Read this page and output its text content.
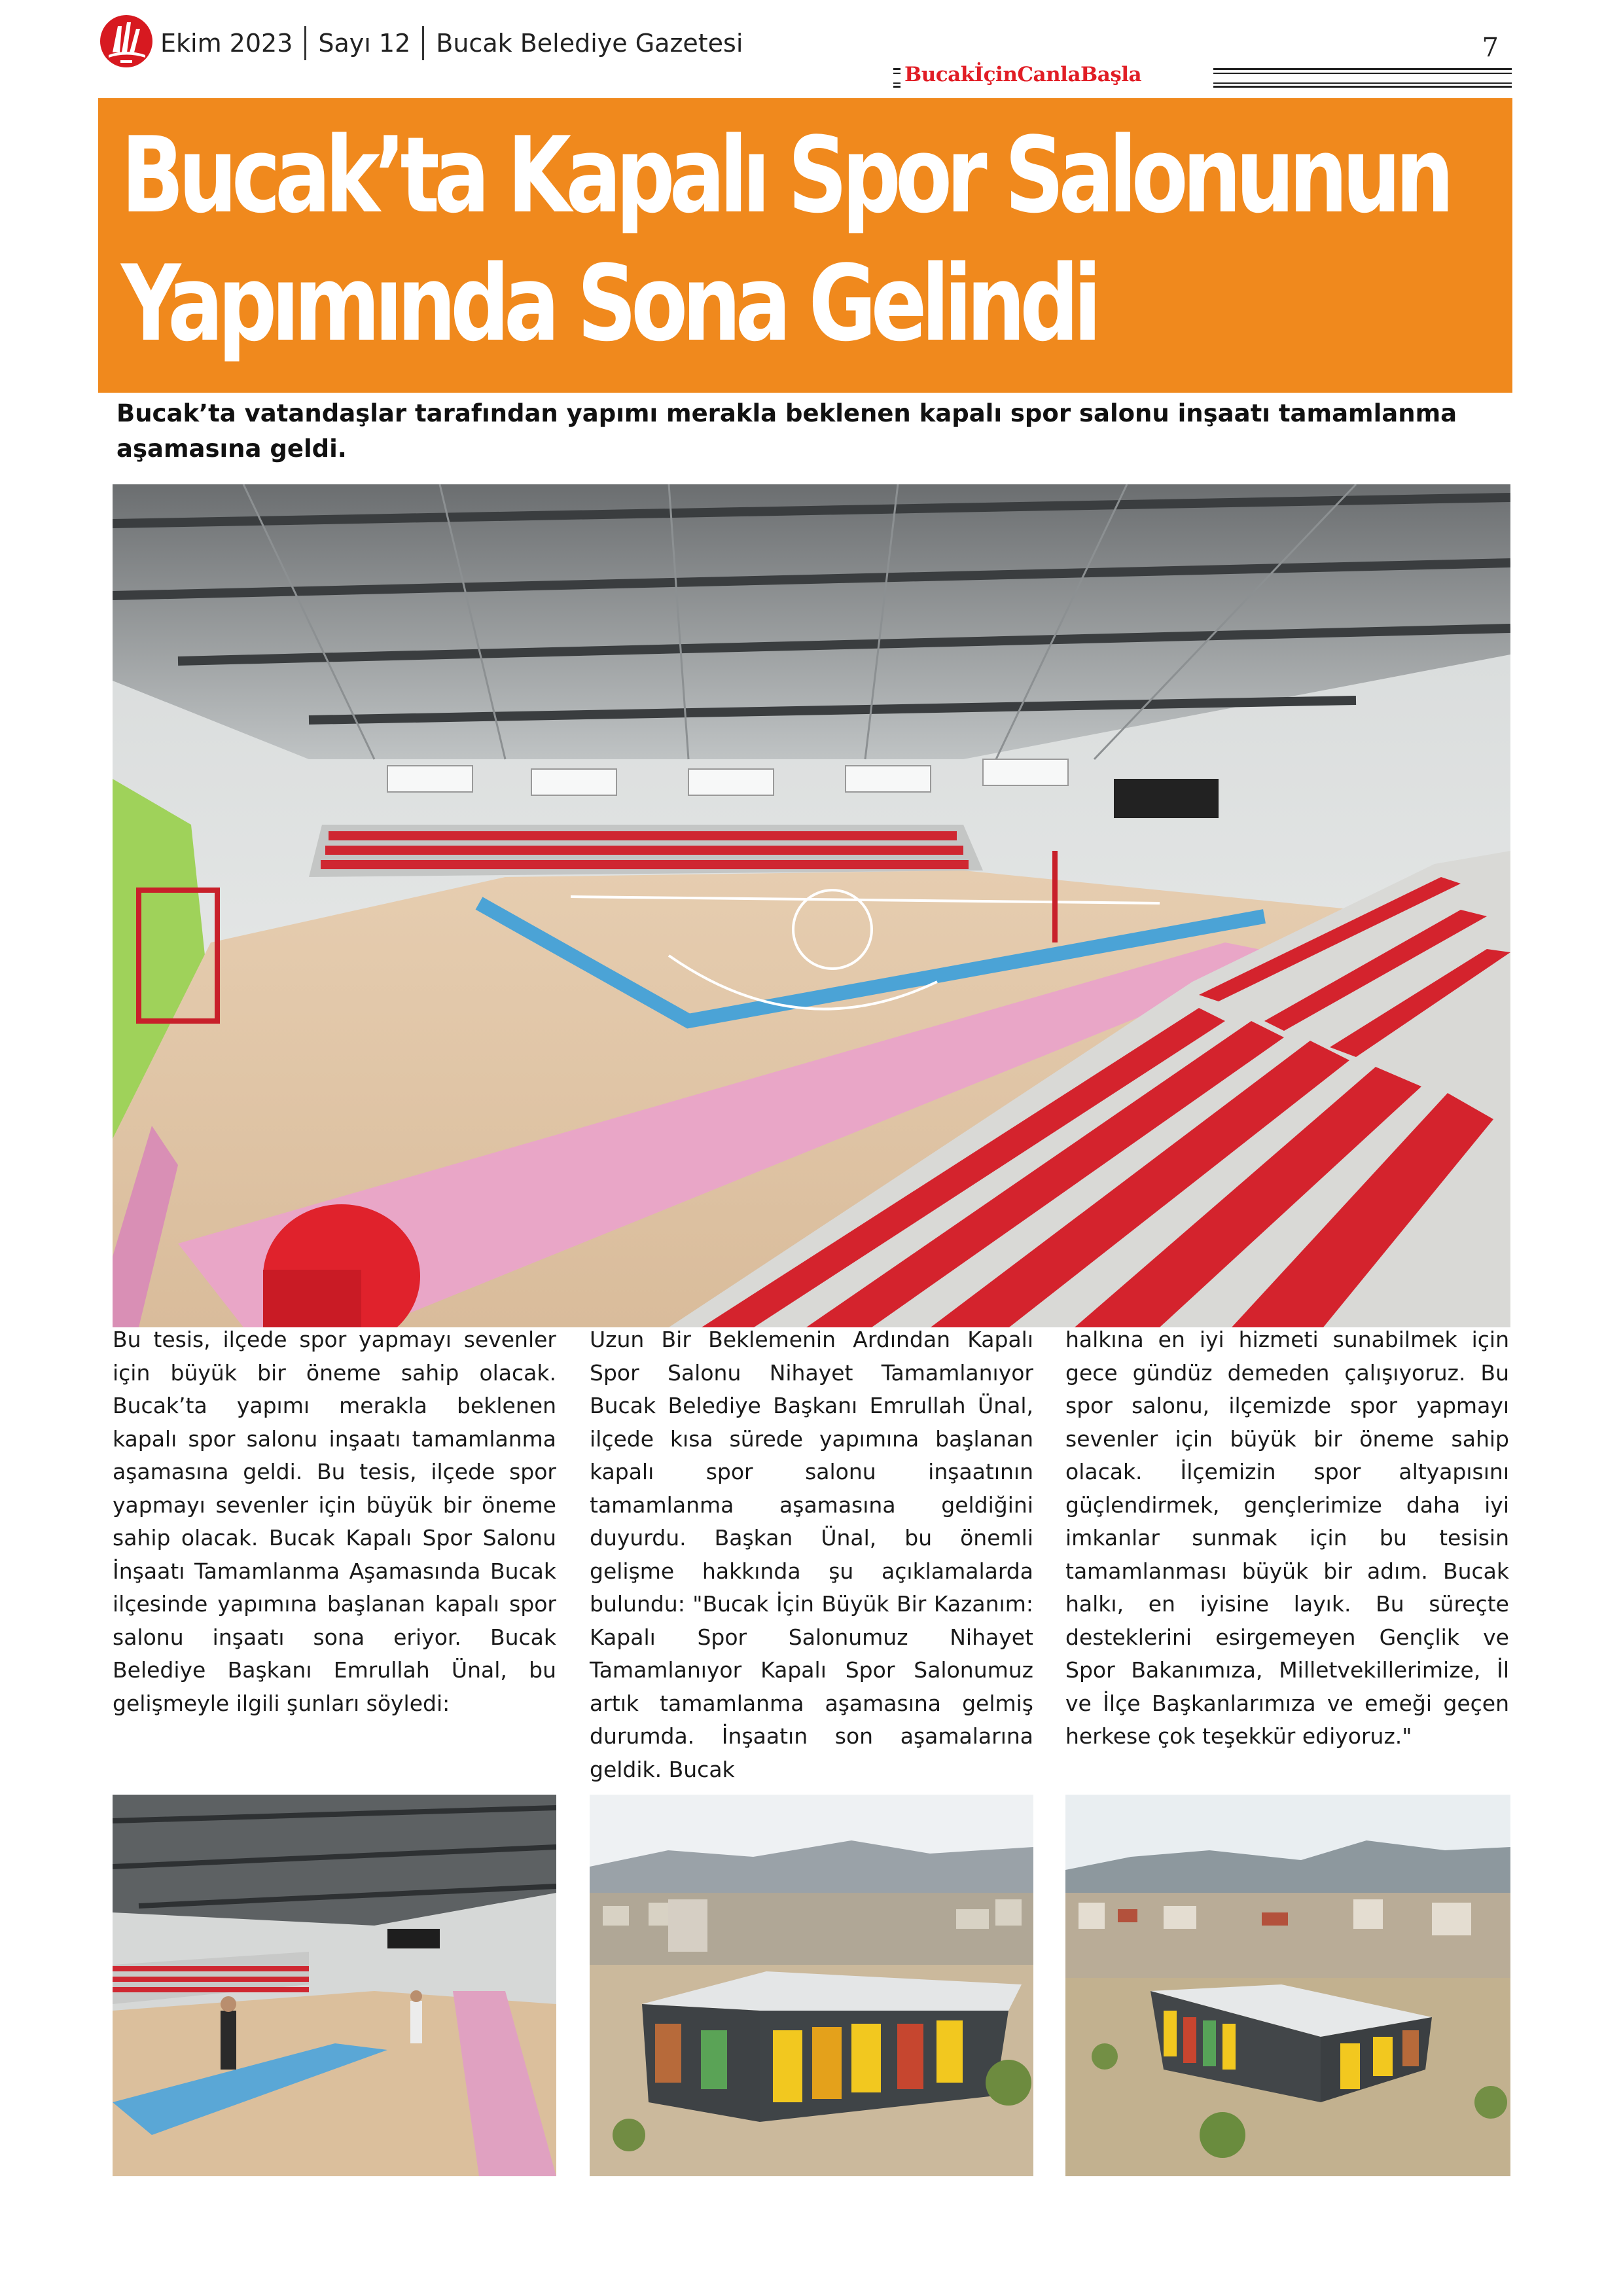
Ekim 2023 Sayı 12 Bucak Belediye Gazetesi	7
BucakİçinCanlaBaşla
Bucak’ta Kapalı Spor Salonunun
Yapımında Sona Gelindi

Bucak’ta vatandaşlar tarafından yapımı merakla beklenen kapalı spor salonu inşaatı tamamlanma aşamasına geldi.

Bu tesis, ilçede spor yapmayı sevenler için büyük bir öneme sahip olacak. Bucak’ta yapımı merakla beklenen kapalı spor salonu inşaatı tamamlanma aşamasına geldi. Bu tesis, ilçede spor yapmayı sevenler için büyük bir öneme sahip olacak. Bucak Kapalı Spor Salonu İnşaatı Tamamlanma Aşamasında Bucak ilçesinde yapımına başlanan kapalı spor salonu inşaatı sona eriyor. Bucak Belediye Başkanı Emrullah Ünal, bu gelişmeyle ilgili şunları söyledi:

Uzun Bir Beklemenin Ardından Kapalı Spor Salonu Nihayet Tamamlanıyor Bucak Belediye Başkanı Emrullah Ünal, ilçede kısa sürede yapımına başlanan kapalı spor salonu inşaatının tamamlanma aşamasına geldiğini duyurdu. Başkan Ünal, bu önemli gelişme hakkında şu açıklamalarda bulundu: "Bucak İçin Büyük Bir Kazanım: Kapalı Spor Salonumuz Nihayet Tamamlanıyor Kapalı Spor Salonumuz artık tamamlanma aşamasına gelmiş durumda. İnşaatın son aşamalarına geldik. Bucak

halkına en iyi hizmeti sunabilmek için gece gündüz demeden çalışıyoruz. Bu spor salonu, ilçemizde spor yapmayı sevenler için büyük bir öneme sahip olacak. İlçemizin spor altyapısını güçlendirmek, gençlerimize daha iyi imkanlar sunmak için bu tesisin tamamlanması büyük bir adım. Bucak halkı, en iyisine layık. Bu süreçte desteklerini esirgemeyen Gençlik ve Spor Bakanımıza, Milletvekillerimize, İl ve İlçe Başkanlarımıza ve emeği geçen herkese çok teşekkür ediyoruz."
